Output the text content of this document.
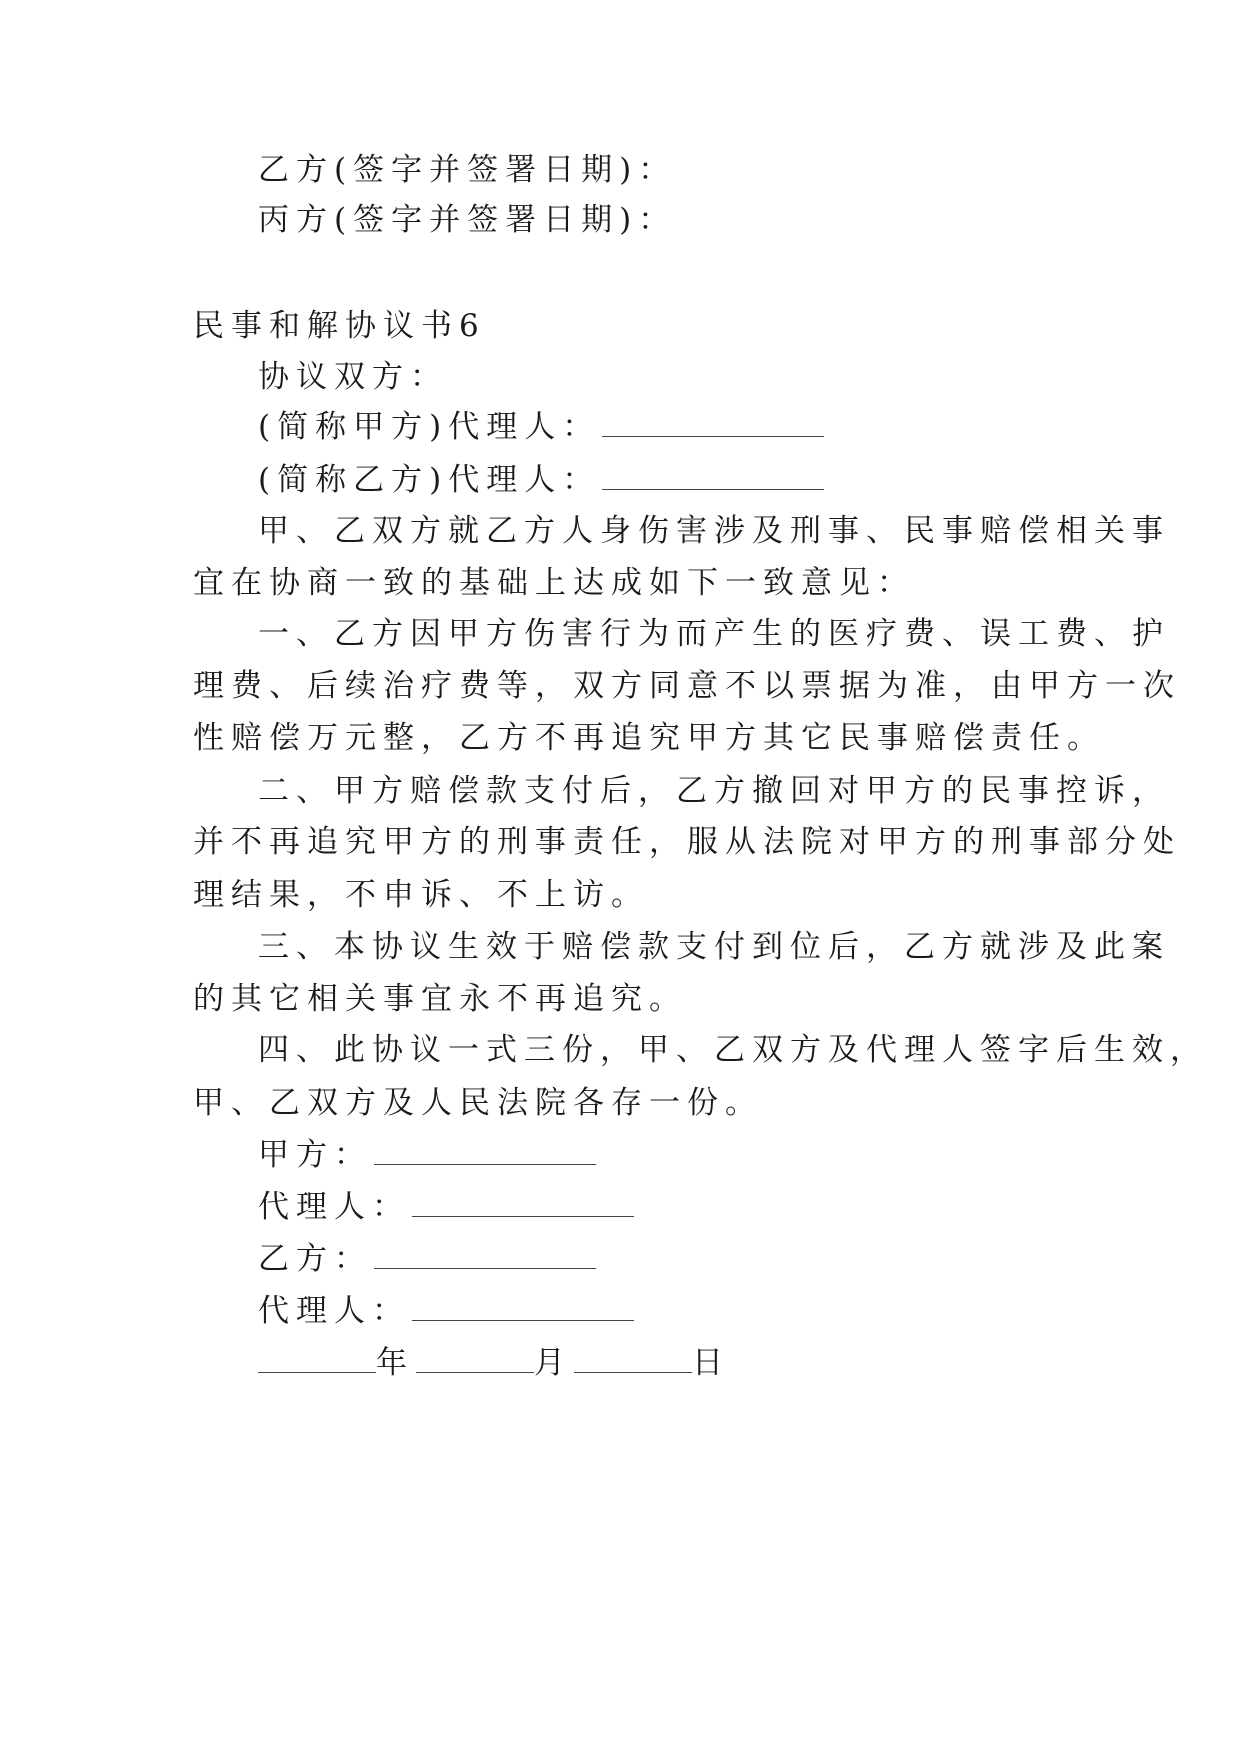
乙方(签字并签署日期)：
丙方(签字并签署日期)：
民事和解协议书6
协议双方：
(简称甲方)代理人：
(简称乙方)代理人：
甲、乙双方就乙方人身伤害涉及刑事、民事赔偿相关事
宜在协商一致的基础上达成如下一致意见：
一、乙方因甲方伤害行为而产生的医疗费、误工费、护
理费、后续治疗费等，双方同意不以票据为准，由甲方一次
性赔偿万元整，乙方不再追究甲方其它民事赔偿责任。
二、甲方赔偿款支付后，乙方撤回对甲方的民事控诉，
并不再追究甲方的刑事责任，服从法院对甲方的刑事部分处
理结果，不申诉、不上访。
三、本协议生效于赔偿款支付到位后，乙方就涉及此案
的其它相关事宜永不再追究。
四、此协议一式三份，甲、乙双方及代理人签字后生效，
甲、乙双方及人民法院各存一份。
甲方：
代理人：
乙方：
代理人：
年	月	日
